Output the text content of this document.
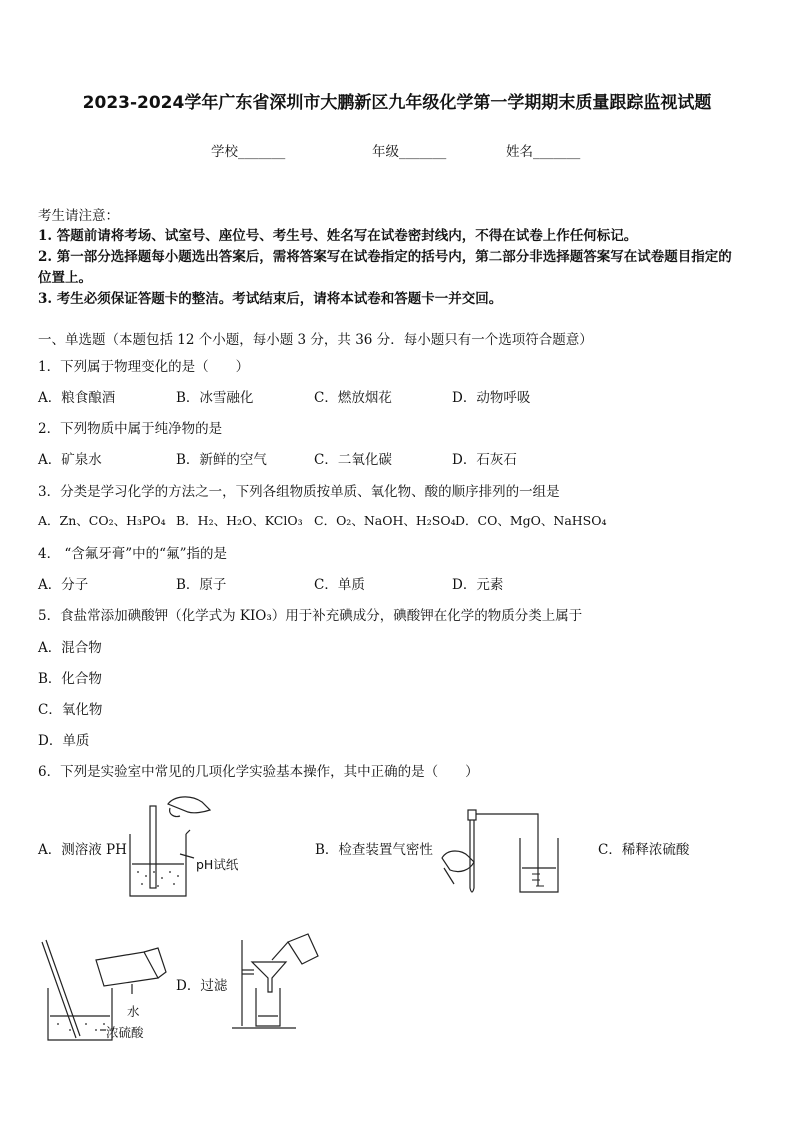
2023-2024学年广东省深圳市大鹏新区九年级化学第一学期期末质量跟踪监视试题
学校_______	年级_______	姓名_______
考生请注意：
1. 答题前请将考场、试室号、座位号、考生号、姓名写在试卷密封线内，不得在试卷上作任何标记。
2. 第一部分选择题每小题选出答案后，需将答案写在试卷指定的括号内，第二部分非选择题答案写在试卷题目指定的
位置上。
3. 考生必须保证答题卡的整洁。考试结束后，请将本试卷和答题卡一并交回。
一、单选题（本题包括 12 个小题，每小题 3 分，共 36 分．每小题只有一个选项符合题意）
1．下列属于物理变化的是（　　）
A．粮食酿酒	B．冰雪融化	C．燃放烟花	D．动物呼吸
2．下列物质中属于纯净物的是
A．矿泉水	B．新鲜的空气	C．二氧化碳	D．石灰石
3．分类是学习化学的方法之一，下列各组物质按单质、氧化物、酸的顺序排列的一组是
A．Zn、CO₂、H₃PO₄ B．H₂、H₂O、KClO₃ C．O₂、NaOH、H₂SO₄ D．CO、MgO、NaHSO₄
4． “含氟牙膏”中的“氟”指的是
A．分子	B．原子	C．单质	D．元素
5．食盐常添加碘酸钾（化学式为 KIO₃）用于补充碘成分，碘酸钾在化学的物质分类上属于
A．混合物
B．化合物
C．氧化物
D．单质
6．下列是实验室中常见的几项化学实验基本操作，其中正确的是（　　）
A．测溶液 PH	B．检查装置气密性	C．稀释浓硫酸
D．过滤
pH试纸
水
浓硫酸
